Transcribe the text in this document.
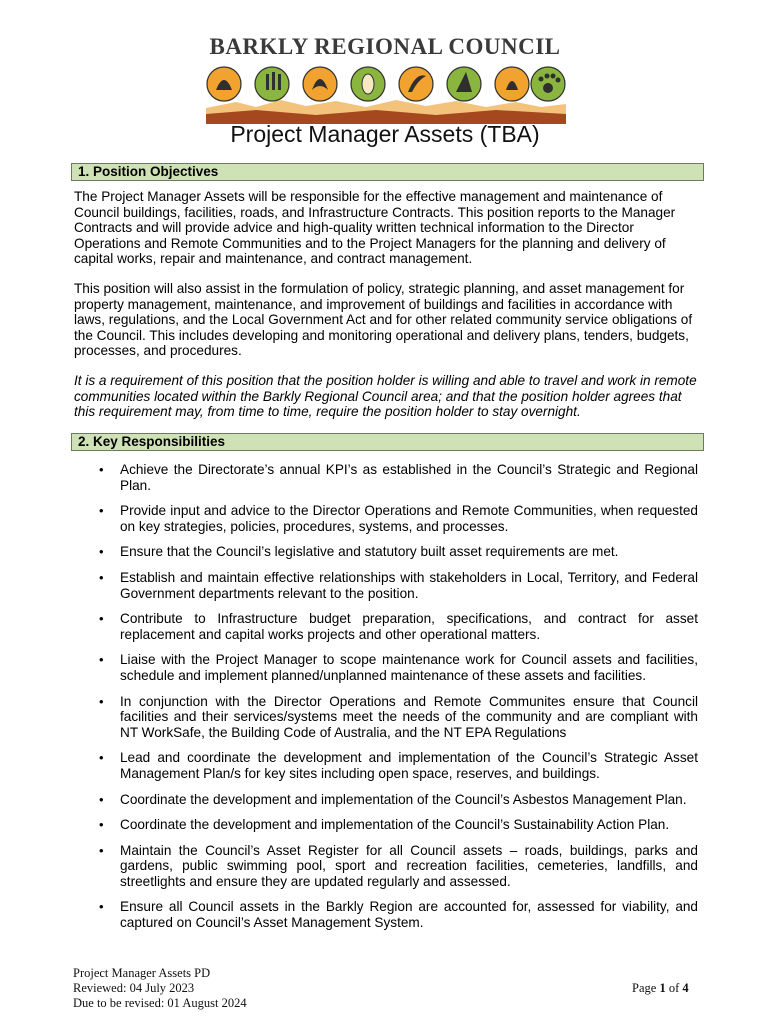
BARKLY REGIONAL COUNCIL
Project Manager Assets (TBA)
1. Position Objectives

The Project Manager Assets will be responsible for the effective management and maintenance of Council buildings, facilities, roads, and Infrastructure Contracts. This position reports to the Manager Contracts and will provide advice and high-quality written technical information to the Director Operations and Remote Communities and to the Project Managers for the planning and delivery of capital works, repair and maintenance, and contract management.

This position will also assist in the formulation of policy, strategic planning, and asset management for property management, maintenance, and improvement of buildings and facilities in accordance with laws, regulations, and the Local Government Act and for other related community service obligations of the Council. This includes developing and monitoring operational and delivery plans, tenders, budgets, processes, and procedures.

It is a requirement of this position that the position holder is willing and able to travel and work in remote communities located within the Barkly Regional Council area; and that the position holder agrees that this requirement may, from time to time, require the position holder to stay overnight.

2. Key Responsibilities
• Achieve the Directorate’s annual KPI’s as established in the Council’s Strategic and Regional Plan.
• Provide input and advice to the Director Operations and Remote Communities, when requested on key strategies, policies, procedures, systems, and processes.
• Ensure that the Council’s legislative and statutory built asset requirements are met.
• Establish and maintain effective relationships with stakeholders in Local, Territory, and Federal Government departments relevant to the position.
• Contribute to Infrastructure budget preparation, specifications, and contract for asset replacement and capital works projects and other operational matters.
• Liaise with the Project Manager to scope maintenance work for Council assets and facilities, schedule and implement planned/unplanned maintenance of these assets and facilities.
• In conjunction with the Director Operations and Remote Communites ensure that Council facilities and their services/systems meet the needs of the community and are compliant with NT WorkSafe, the Building Code of Australia, and the NT EPA Regulations
• Lead and coordinate the development and implementation of the Council’s Strategic Asset Management Plan/s for key sites including open space, reserves, and buildings.
• Coordinate the development and implementation of the Council’s Asbestos Management Plan.
• Coordinate the development and implementation of the Council’s Sustainability Action Plan.
• Maintain the Council’s Asset Register for all Council assets – roads, buildings, parks and gardens, public swimming pool, sport and recreation facilities, cemeteries, landfills, and streetlights and ensure they are updated regularly and assessed.
• Ensure all Council assets in the Barkly Region are accounted for, assessed for viability, and captured on Council’s Asset Management System.
Project Manager Assets PD
Reviewed: 04 July 2023
Due to be revised: 01 August 2024
Page 1 of 4
